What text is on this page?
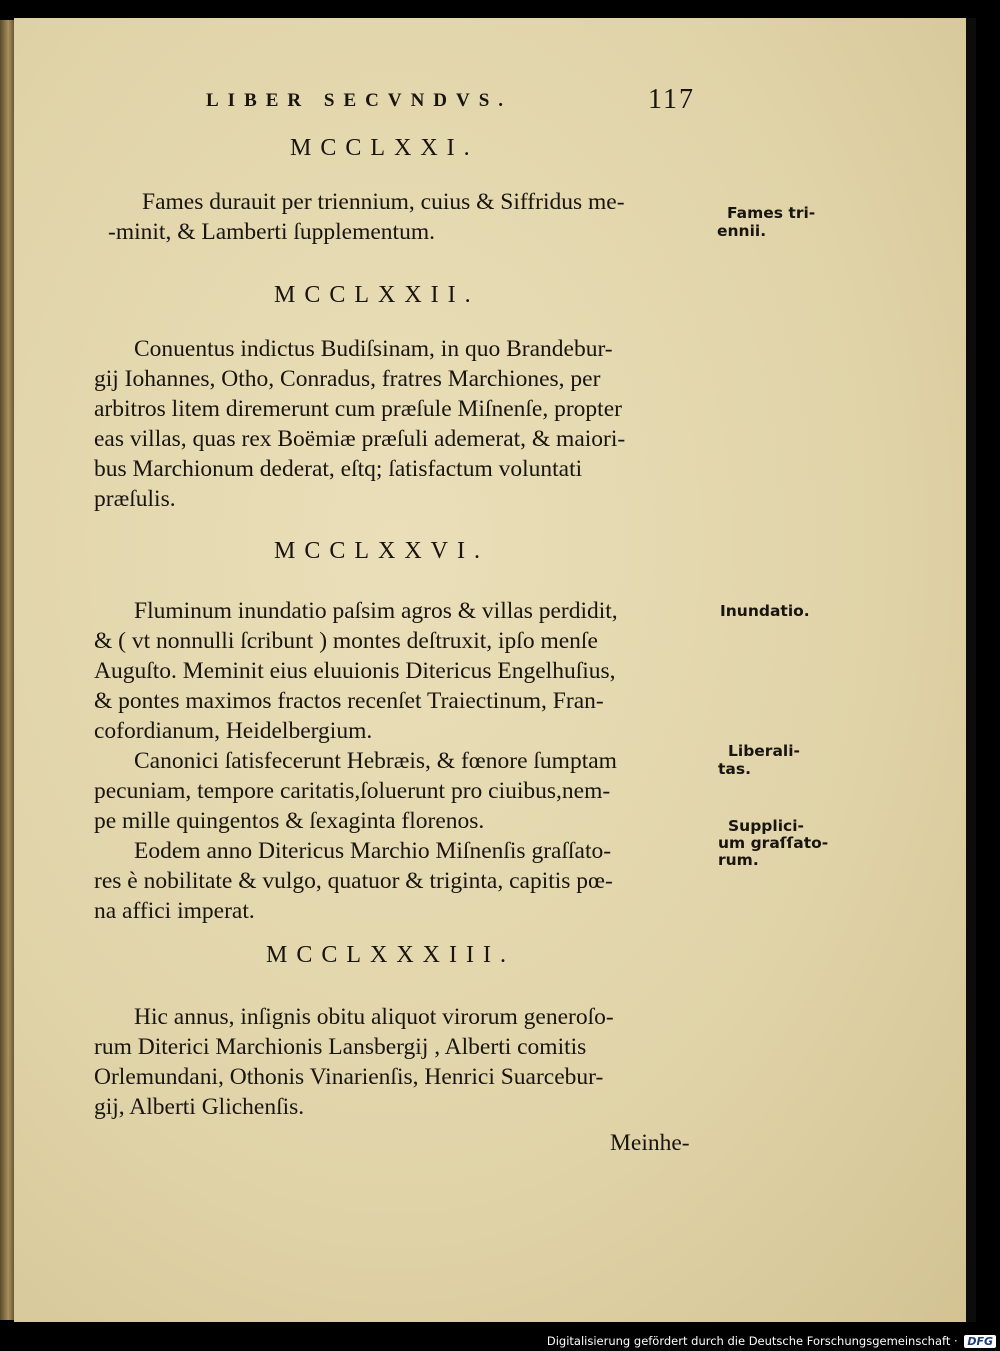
LIBER SECVNDVS.	117
MCCLXXI.
Fames durauit per triennium, cuius & Siffridus me-
-minit, & Lamberti ſupplementum.
Fames tri-
ennii.
MCCLXXII.
Conuentus indictus Budiſsinam, in quo Brandebur-
gij Iohannes, Otho, Conradus, fratres Marchiones, per
arbitros litem diremerunt cum præſule Miſnenſe, propter
eas villas, quas rex Boëmiæ præſuli ademerat, & maiori-
bus Marchionum dederat, eſtq; ſatisfactum voluntati
præſulis.
MCCLXXVI.
Fluminum inundatio paſsim agros & villas perdidit,
& ( vt nonnulli ſcribunt ) montes deſtruxit, ipſo menſe
Auguſto. Meminit eius eluuionis Ditericus Engelhuſius,
& pontes maximos fractos recenſet Traiectinum, Fran-
cofordianum, Heidelbergium.
Canonici ſatisfecerunt Hebræis, & fœnore ſumptam
pecuniam, tempore caritatis,ſoluerunt pro ciuibus,nem-
pe mille quingentos & ſexaginta florenos.
Eodem anno Ditericus Marchio Miſnenſis graſſato-
res è nobilitate & vulgo, quatuor & triginta, capitis pœ-
na affici imperat.
Inundatio.
Liberali-
tas.
Supplici-
um graſſato-
rum.
MCCLXXXIII.
Hic annus, inſignis obitu aliquot virorum generoſo-
rum Diterici Marchionis Lansbergij , Alberti comitis
Orlemundani, Othonis Vinarienſis, Henrici Suarcebur-
gij, Alberti Glichenſis.
Meinhe-
Digitalisierung gefördert durch die Deutsche Forschungsgemeinschaft · DFG
